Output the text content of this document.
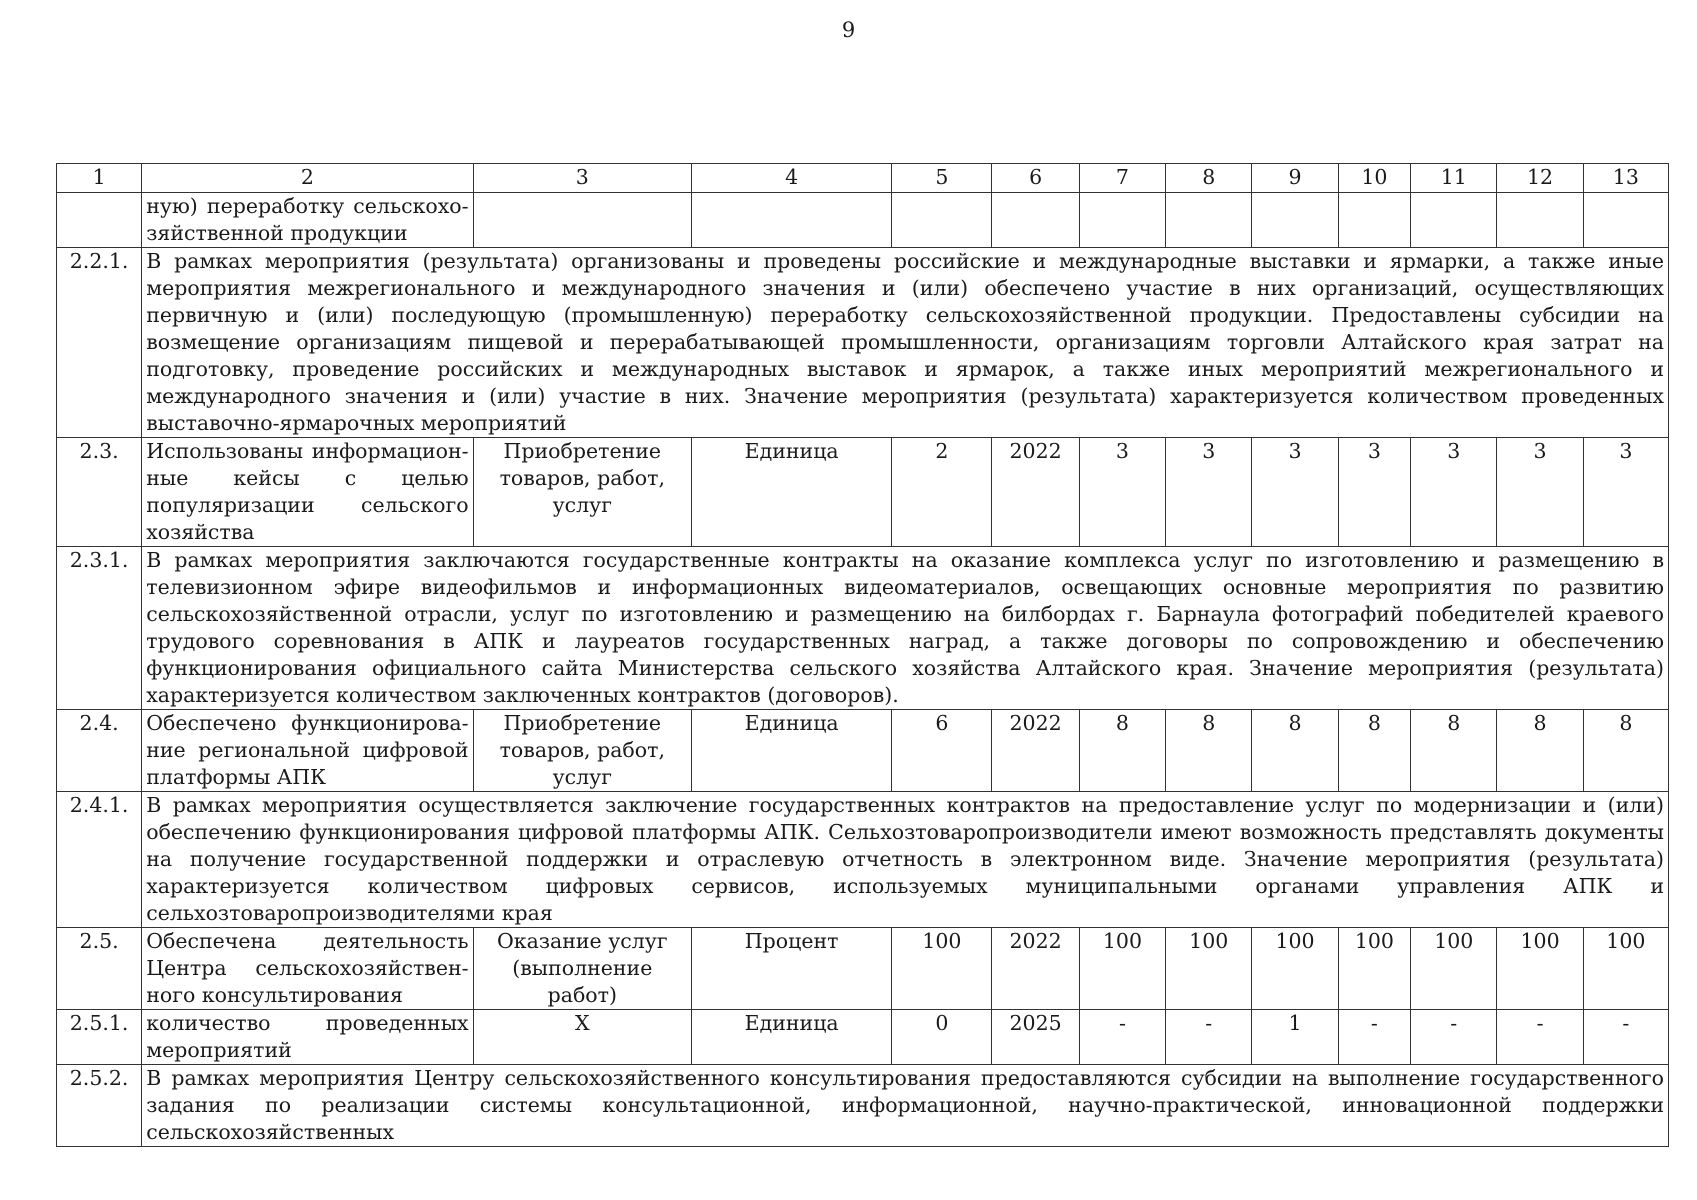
9
1	2	3	4	5	6	7	8	9	10	11	12	13
	ную) переработку сельскохо-зяйственной продукции											
2.2.1.	В рамках мероприятия (результата) организованы и проведены российские и международные выставки и ярмарки, а также иные мероприятия межрегионального и международного значения и (или) обеспечено участие в них организаций, осуществляющих первичную и (или) последующую (промышленную) переработку сельскохозяйственной продукции. Предоставлены субсидии на возмещение организациям пищевой и перерабатывающей промышленности, организациям торговли Алтайского края затрат на подготовку, проведение российских и международных выставок и ярмарок, а также иных мероприятий межрегионального и международного значения и (или) участие в них. Значение мероприятия (результата) характеризуется количеством проведенных выставочно-ярмарочных мероприятий											
2.3.	Использованы информацион-ные кейсы с целью популяризации сельского хозяйства	Приобретение товаров, работ, услуг	Единица	2	2022	3	3	3	3	3	3	3
2.3.1.	В рамках мероприятия заключаются государственные контракты на оказание комплекса услуг по изготовлению и размещению в телевизионном эфире видеофильмов и информационных видеоматериалов, освещающих основные мероприятия по развитию сельскохозяйственной отрасли, услуг по изготовлению и размещению на билбордах г. Барнаула фотографий победителей краевого трудового соревнования в АПК и лауреатов государственных наград, а также договоры по сопровождению и обеспечению функционирования официального сайта Министерства сельского хозяйства Алтайского края. Значение мероприятия (результата) характеризуется количеством заключенных контрактов (договоров).											
2.4.	Обеспечено функционирова-ние региональной цифровой платформы АПК	Приобретение товаров, работ, услуг	Единица	6	2022	8	8	8	8	8	8	8
2.4.1.	В рамках мероприятия осуществляется заключение государственных контрактов на предоставление услуг по модернизации и (или) обеспечению функционирования цифровой платформы АПК. Сельхозтоваропроизводители имеют возможность представлять документы на получение государственной поддержки и отраслевую отчетность в электронном виде. Значение мероприятия (результата) характеризуется количеством цифровых сервисов, используемых муниципальными органами управления АПК и сельхозтоваропроизводителями края											
2.5.	Обеспечена деятельность Центра сельскохозяйствен-ного консультирования	Оказание услуг (выполнение работ)	Процент	100	2022	100	100	100	100	100	100	100
2.5.1.	количество проведенных мероприятий	Х	Единица	0	2025	-	-	1	-	-	-	-
2.5.2.	В рамках мероприятия Центру сельскохозяйственного консультирования предоставляются субсидии на выполнение государственного задания по реализации системы консультационной, информационной, научно-практической, инновационной поддержки сельскохозяйственных											
